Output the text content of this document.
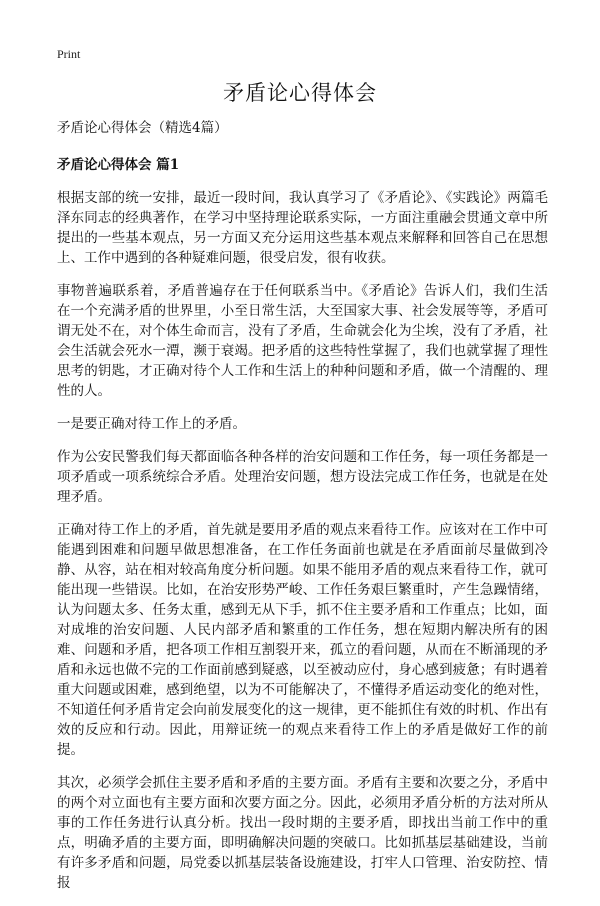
Print
矛盾论心得体会

矛盾论心得体会（精选4篇）

矛盾论心得体会 篇1

根据支部的统一安排，最近一段时间，我认真学习了《矛盾论》、《实践论》两篇毛泽东同志的经典著作，在学习中坚持理论联系实际，一方面注重融会贯通文章中所提出的一些基本观点，另一方面又充分运用这些基本观点来解释和回答自己在思想上、工作中遇到的各种疑难问题，很受启发，很有收获。

事物普遍联系着，矛盾普遍存在于任何联系当中。《矛盾论》告诉人们，我们生活在一个充满矛盾的世界里，小至日常生活，大至国家大事、社会发展等等，矛盾可谓无处不在，对个体生命而言，没有了矛盾，生命就会化为尘埃，没有了矛盾，社会生活就会死水一潭，濒于衰竭。把矛盾的这些特性掌握了，我们也就掌握了理性思考的钥匙，才正确对待个人工作和生活上的种种问题和矛盾，做一个清醒的、理性的人。

一是要正确对待工作上的矛盾。

作为公安民警我们每天都面临各种各样的治安问题和工作任务，每一项任务都是一项矛盾或一项系统综合矛盾。处理治安问题，想方设法完成工作任务，也就是在处理矛盾。

正确对待工作上的矛盾，首先就是要用矛盾的观点来看待工作。应该对在工作中可能遇到困难和问题早做思想准备，在工作任务面前也就是在矛盾面前尽量做到冷静、从容，站在相对较高角度分析问题。如果不能用矛盾的观点来看待工作，就可能出现一些错误。比如，在治安形势严峻、工作任务艰巨繁重时，产生急躁情绪，认为问题太多、任务太重，感到无从下手，抓不住主要矛盾和工作重点；比如，面对成堆的治安问题、人民内部矛盾和繁重的工作任务，想在短期内解决所有的困难、问题和矛盾，把各项工作相互割裂开来，孤立的看问题，从而在不断涌现的矛盾和永远也做不完的工作面前感到疑惑，以至被动应付，身心感到疲惫；有时遇着重大问题或困难，感到绝望，以为不可能解决了，不懂得矛盾运动变化的绝对性，不知道任何矛盾肯定会向前发展变化的这一规律，更不能抓住有效的时机、作出有效的反应和行动。因此，用辩证统一的观点来看待工作上的矛盾是做好工作的前提。

其次，必须学会抓住主要矛盾和矛盾的主要方面。矛盾有主要和次要之分，矛盾中的两个对立面也有主要方面和次要方面之分。因此，必须用矛盾分析的方法对所从事的工作任务进行认真分析。找出一段时期的主要矛盾，即找出当前工作中的重点，明确矛盾的主要方面，即明确解决问题的突破口。比如抓基层基础建设，当前有许多矛盾和问题，局党委以抓基层装备设施建设，打牢人口管理、治安防控、情报
